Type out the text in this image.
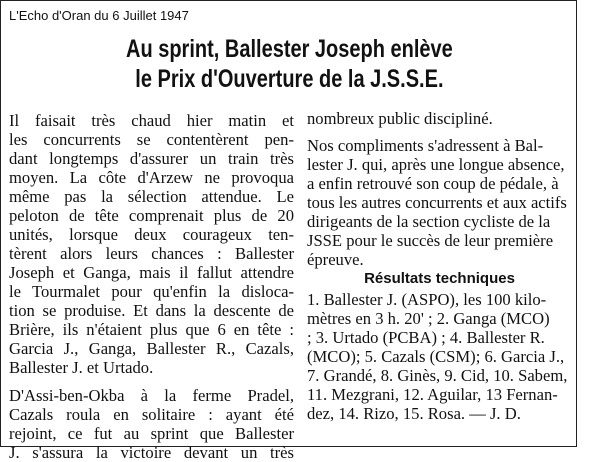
L'Echo d'Oran du 6 Juillet 1947
Au sprint, Ballester Joseph enlève
le Prix d'Ouverture de la J.S.S.E.
Il faisait très chaud hier matin et
les concurrents se contentèrent pen-
dant longtemps d'assurer un train très
moyen. La côte d'Arzew ne provoqua
même pas la sélection attendue. Le
peloton de tête comprenait plus de 20
unités, lorsque deux courageux ten-
tèrent alors leurs chances : Ballester
Joseph et Ganga, mais il fallut attendre
le Tourmalet pour qu'enfin la disloca-
tion se produise. Et dans la descente de
Brière, ils n'étaient plus que 6 en tête :
Garcia J., Ganga, Ballester R., Cazals,
Ballester J. et Urtado.
D'Assi-ben-Okba à la ferme Pradel,
Cazals roula en solitaire : ayant été
rejoint, ce fut au sprint que Ballester
J. s'assura la victoire devant un très
nombreux public discipliné.
Nos compliments s'adressent à Bal-
lester J. qui, après une longue absence,
a enfin retrouvé son coup de pédale, à
tous les autres concurrents et aux actifs
dirigeants de la section cycliste de la
JSSE pour le succès de leur première
épreuve.
Résultats techniques
1. Ballester J. (ASPO), les 100 kilo-
mètres en 3 h. 20' ; 2. Ganga (MCO)
; 3. Urtado (PCBA) ; 4. Ballester R.
(MCO); 5. Cazals (CSM); 6. Garcia J.,
7. Grandé, 8. Ginès, 9. Cid, 10. Sabem,
11. Mezgrani, 12. Aguilar, 13 Fernan-
dez, 14. Rizo, 15. Rosa. — J. D.
